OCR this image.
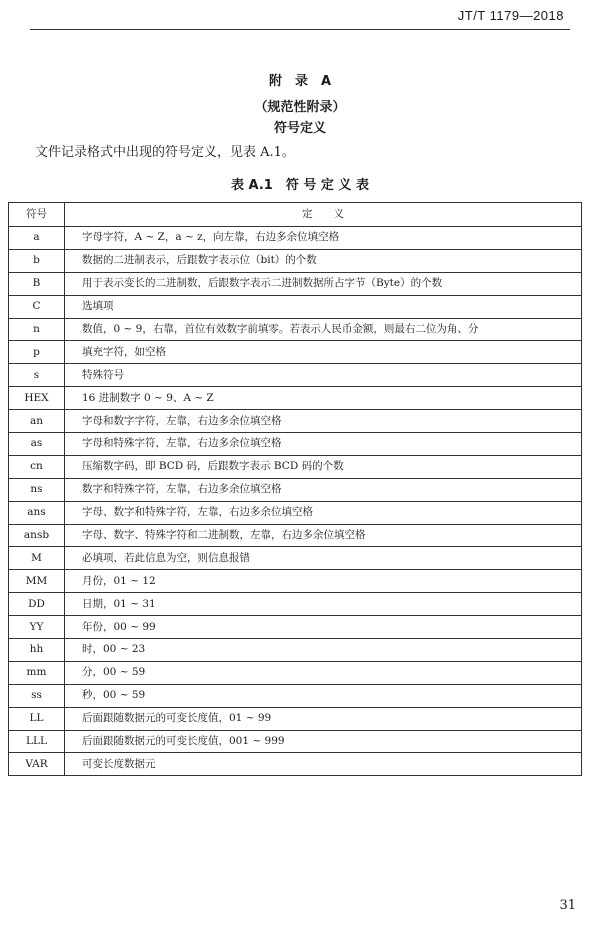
JT/T 1179—2018
附　录　A
（规范性附录）
符号定义
文件记录格式中出现的符号定义，见表 A.1。
表 A.1　符 号 定 义 表
符号	定　　义
a	字母字符，A ~ Z，a ~ z，向左靠，右边多余位填空格
b	数据的二进制表示，后跟数字表示位（bit）的个数
B	用于表示变长的二进制数，后跟数字表示二进制数据所占字节（Byte）的个数
C	选填项
n	数值，0 ~ 9，右靠，首位有效数字前填零。若表示人民币金额，则最右二位为角、分
p	填充字符，如空格
s	特殊符号
HEX	16 进制数字 0 ~ 9、A ~ Z
an	字母和数字字符，左靠，右边多余位填空格
as	字母和特殊字符，左靠，右边多余位填空格
cn	压缩数字码，即 BCD 码，后跟数字表示 BCD 码的个数
ns	数字和特殊字符，左靠，右边多余位填空格
ans	字母、数字和特殊字符，左靠，右边多余位填空格
ansb	字母、数字、特殊字符和二进制数，左靠，右边多余位填空格
M	必填项，若此信息为空，则信息报错
MM	月份，01 ~ 12
DD	日期，01 ~ 31
YY	年份，00 ~ 99
hh	时，00 ~ 23
mm	分，00 ~ 59
ss	秒，00 ~ 59
LL	后面跟随数据元的可变长度值，01 ~ 99
LLL	后面跟随数据元的可变长度值，001 ~ 999
VAR	可变长度数据元
31
